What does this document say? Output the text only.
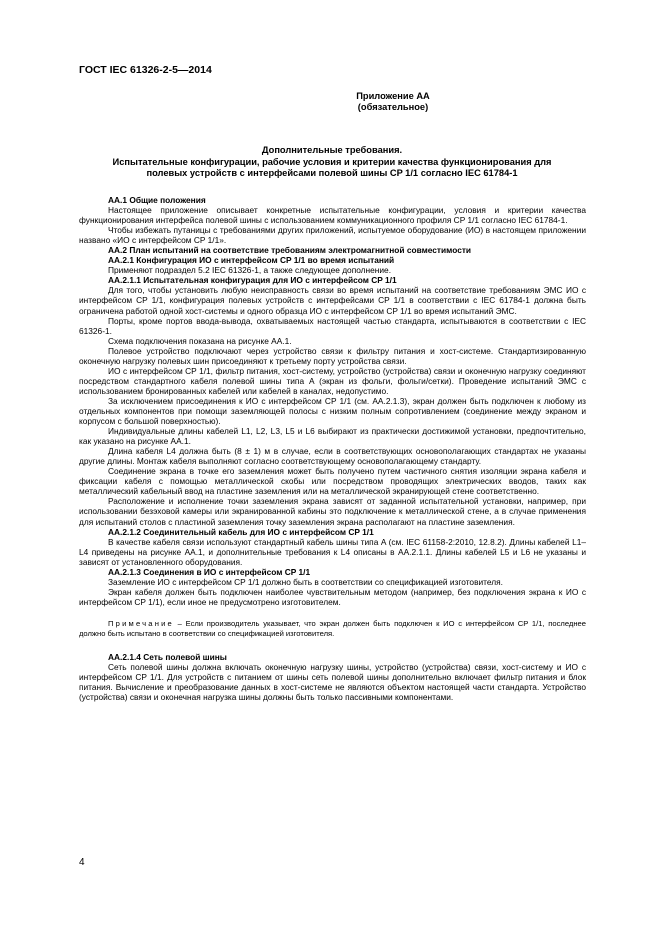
ГОСТ IEC 61326-2-5—2014
Приложение АА
(обязательное)
Дополнительные требования.
Испытательные конфигурации, рабочие условия и критерии качества функционирования для
полевых устройств с интерфейсами полевой шины CP 1/1 согласно IEC 61784-1

АА.1 Общие положения

Настоящее приложение описывает конкретные испытательные конфигурации, условия и критерии качества функционирования интерфейса полевой шины с использованием коммуникационного профиля CP 1/1 согласно IEC 61784-1.

Чтобы избежать путаницы с требованиями других приложений, испытуемое оборудование (ИО) в настоящем приложении названо «ИО с интерфейсом CP 1/1».

АА.2 План испытаний на соответствие требованиям электромагнитной совместимости

АА.2.1 Конфигурация ИО с интерфейсом CP 1/1 во время испытаний

Применяют подраздел 5.2 IEC 61326-1, а также следующее дополнение.

АА.2.1.1 Испытательная конфигурация для ИО с интерфейсом CP 1/1

Для того, чтобы установить любую неисправность связи во время испытаний на соответствие требованиям ЭМС ИО с интерфейсом CP 1/1, конфигурация полевых устройств с интерфейсами CP 1/1 в соответствии с IEC 61784-1 должна быть ограничена работой одной хост-системы и одного образца ИО с интерфейсом CP 1/1 во время испытаний ЭМС.

Порты, кроме портов ввода-вывода, охватываемых настоящей частью стандарта, испытываются в соответствии с IEC 61326-1.

Схема подключения показана на рисунке АА.1.

Полевое устройство подключают через устройство связи к фильтру питания и хост-системе. Стандартизированную оконечную нагрузку полевых шин присоединяют к третьему порту устройства связи.

ИО с интерфейсом CP 1/1, фильтр питания, хост-систему, устройство (устройства) связи и оконечную нагрузку соединяют посредством стандартного кабеля полевой шины типа A (экран из фольги, фольги/сетки). Проведение испытаний ЭМС с использованием бронированных кабелей или кабелей в каналах, недопустимо.

За исключением присоединения к ИО с интерфейсом CP 1/1 (см. АА.2.1.3), экран должен быть подключен к любому из отдельных компонентов при помощи заземляющей полосы с низким полным сопротивлением (соединение между экраном и корпусом с большой поверхностью).

Индивидуальные длины кабелей L1, L2, L3, L5 и L6 выбирают из практически достижимой установки, предпочтительно, как указано на рисунке АА.1.

Длина кабеля L4 должна быть (8 ± 1) м в случае, если в соответствующих основополагающих стандартах не указаны другие длины. Монтаж кабеля выполняют согласно соответствующему основополагающему стандарту.

Соединение экрана в точке его заземления может быть получено путем частичного снятия изоляции экрана кабеля и фиксации кабеля с помощью металлической скобы или посредством проводящих электрических вводов, таких как металлический кабельный ввод на пластине заземления или на металлической экранирующей стене соответственно.

Расположение и исполнение точки заземления экрана зависят от заданной испытательной установки, например, при использовании безэховой камеры или экранированной кабины это подключение к металлической стене, а в случае применения для испытаний столов с пластиной заземления точку заземления экрана располагают на пластине заземления.

АА.2.1.2 Соединительный кабель для ИО с интерфейсом CP 1/1

В качестве кабеля связи используют стандартный кабель шины типа A (см. IEC 61158-2:2010, 12.8.2). Длины кабелей L1–L4 приведены на рисунке АА.1, и дополнительные требования к L4 описаны в АА.2.1.1. Длины кабелей L5 и L6 не указаны и зависят от установленного оборудования.

АА.2.1.3 Соединения в ИО с интерфейсом CP 1/1

Заземление ИО с интерфейсом CP 1/1 должно быть в соответствии со спецификацией изготовителя.

Экран кабеля должен быть подключен наиболее чувствительным методом (например, без подключения экрана к ИО с интерфейсом CP 1/1), если иное не предусмотрено изготовителем.

Примечание – Если производитель указывает, что экран должен быть подключен к ИО с интерфейсом CP 1/1, последнее должно быть испытано в соответствии со спецификацией изготовителя.

АА.2.1.4 Сеть полевой шины

Сеть полевой шины должна включать оконечную нагрузку шины, устройство (устройства) связи, хост-систему и ИО с интерфейсом CP 1/1. Для устройств с питанием от шины сеть полевой шины дополнительно включает фильтр питания и блок питания. Вычисление и преобразование данных в хост-системе не являются объектом настоящей части стандарта. Устройство (устройства) связи и оконечная нагрузка шины должны быть только пассивными компонентами.

4
